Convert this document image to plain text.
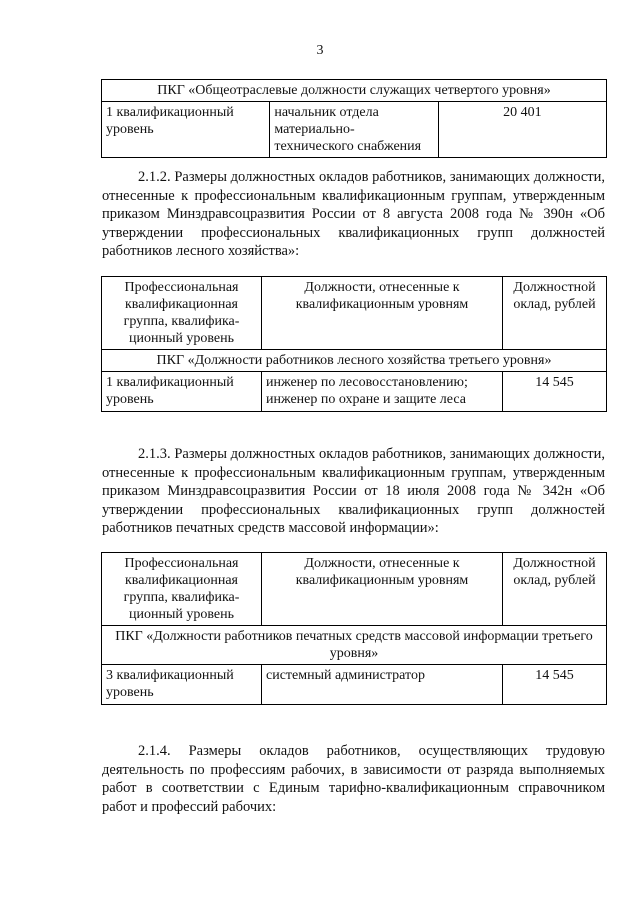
3
ПКГ «Общеотраслевые должности служащих четвертого уровня»
1 квалификационный уровень	начальник отдела материально-технического снабжения	20 401
2.1.2. Размеры должностных окладов работников, занимающих должности, отнесенные к профессиональным квалификационным группам, утвержденным приказом Минздравсоцразвития России от 8 августа 2008 года № 390н «Об утверждении профессиональных квалификационных групп должностей работников лесного хозяйства»:
Профессиональная квалификационная группа, квалифика-ционный уровень	Должности, отнесенные к квалификационным уровням	Должностной оклад, рублей
ПКГ «Должности работников лесного хозяйства третьего уровня»		
1 квалификационный уровень	инженер по лесовосстановлению; инженер по охране и защите леса	14 545
2.1.3. Размеры должностных окладов работников, занимающих должности, отнесенные к профессиональным квалификационным группам, утвержденным приказом Минздравсоцразвития России от 18 июля 2008 года № 342н «Об утверждении профессиональных квалификационных групп должностей работников печатных средств массовой информации»:
Профессиональная квалификационная группа, квалифика-ционный уровень	Должности, отнесенные к квалификационным уровням	Должностной оклад, рублей
ПКГ «Должности работников печатных средств массовой информации третьего уровня»		
3 квалификационный уровень	системный администратор	14 545
2.1.4. Размеры окладов работников, осуществляющих трудовую деятельность по профессиям рабочих, в зависимости от разряда выполняемых работ в соответствии с Единым тарифно-квалификационным справочником работ и профессий рабочих:
